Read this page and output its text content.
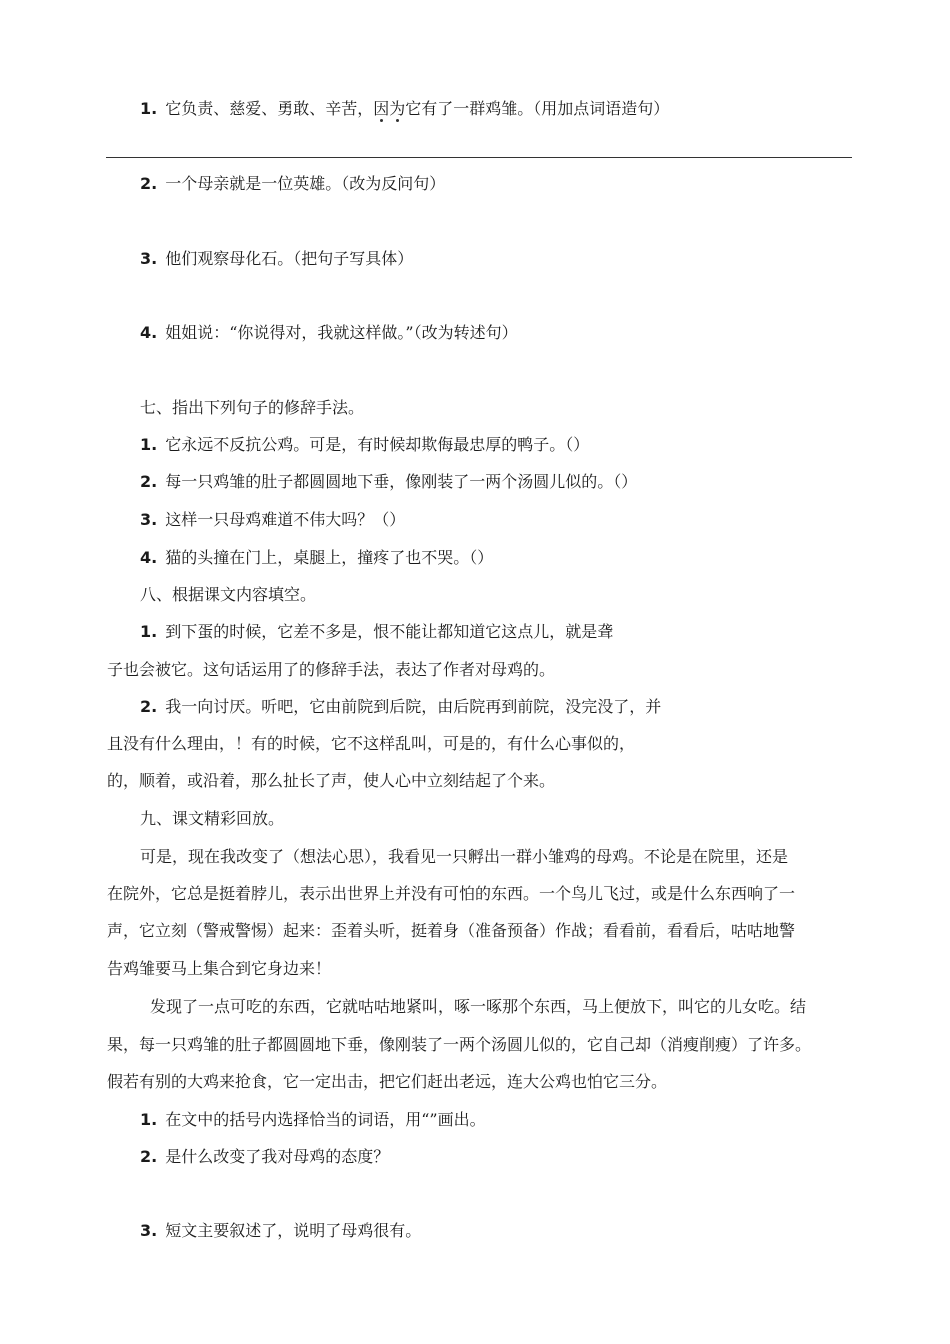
1. 它负责、慈爱、勇敢、辛苦，因为它有了一群鸡雏。（用加点词语造句）
2. 一个母亲就是一位英雄。（改为反问句）
3. 他们观察母化石。（把句子写具体）
4. 姐姐说：“你说得对，我就这样做。”（改为转述句）
七、指出下列句子的修辞手法。
1. 它永远不反抗公鸡。可是，有时候却欺侮最忠厚的鸭子。（）
2. 每一只鸡雏的肚子都圆圆地下垂，像刚装了一两个汤圆儿似的。（）
3. 这样一只母鸡难道不伟大吗？（）
4. 猫的头撞在门上，桌腿上，撞疼了也不哭。（）
八、根据课文内容填空。
1. 到下蛋的时候，它差不多是，恨不能让都知道它这点儿，就是聋
子也会被它。这句话运用了的修辞手法，表达了作者对母鸡的。
2. 我一向讨厌。听吧，它由前院到后院，由后院再到前院，没完没了，并
且没有什么理由，！有的时候，它不这样乱叫，可是的，有什么心事似的，
的，顺着，或沿着，那么扯长了声，使人心中立刻结起了个来。
九、课文精彩回放。
可是，现在我改变了（想法心思），我看见一只孵出一群小雏鸡的母鸡。不论是在院里，还是
在院外，它总是挺着脖儿，表示出世界上并没有可怕的东西。一个鸟儿飞过，或是什么东西响了一
声，它立刻（警戒警惕）起来：歪着头听，挺着身（准备预备）作战；看看前，看看后，咕咕地警
告鸡雏要马上集合到它身边来！
发现了一点可吃的东西，它就咕咕地紧叫，啄一啄那个东西，马上便放下，叫它的儿女吃。结
果，每一只鸡雏的肚子都圆圆地下垂，像刚装了一两个汤圆儿似的，它自己却（消瘦削瘦）了许多。
假若有别的大鸡来抢食，它一定出击，把它们赶出老远，连大公鸡也怕它三分。
1. 在文中的括号内选择恰当的词语，用“”画出。
2. 是什么改变了我对母鸡的态度？
3. 短文主要叙述了，说明了母鸡很有。
